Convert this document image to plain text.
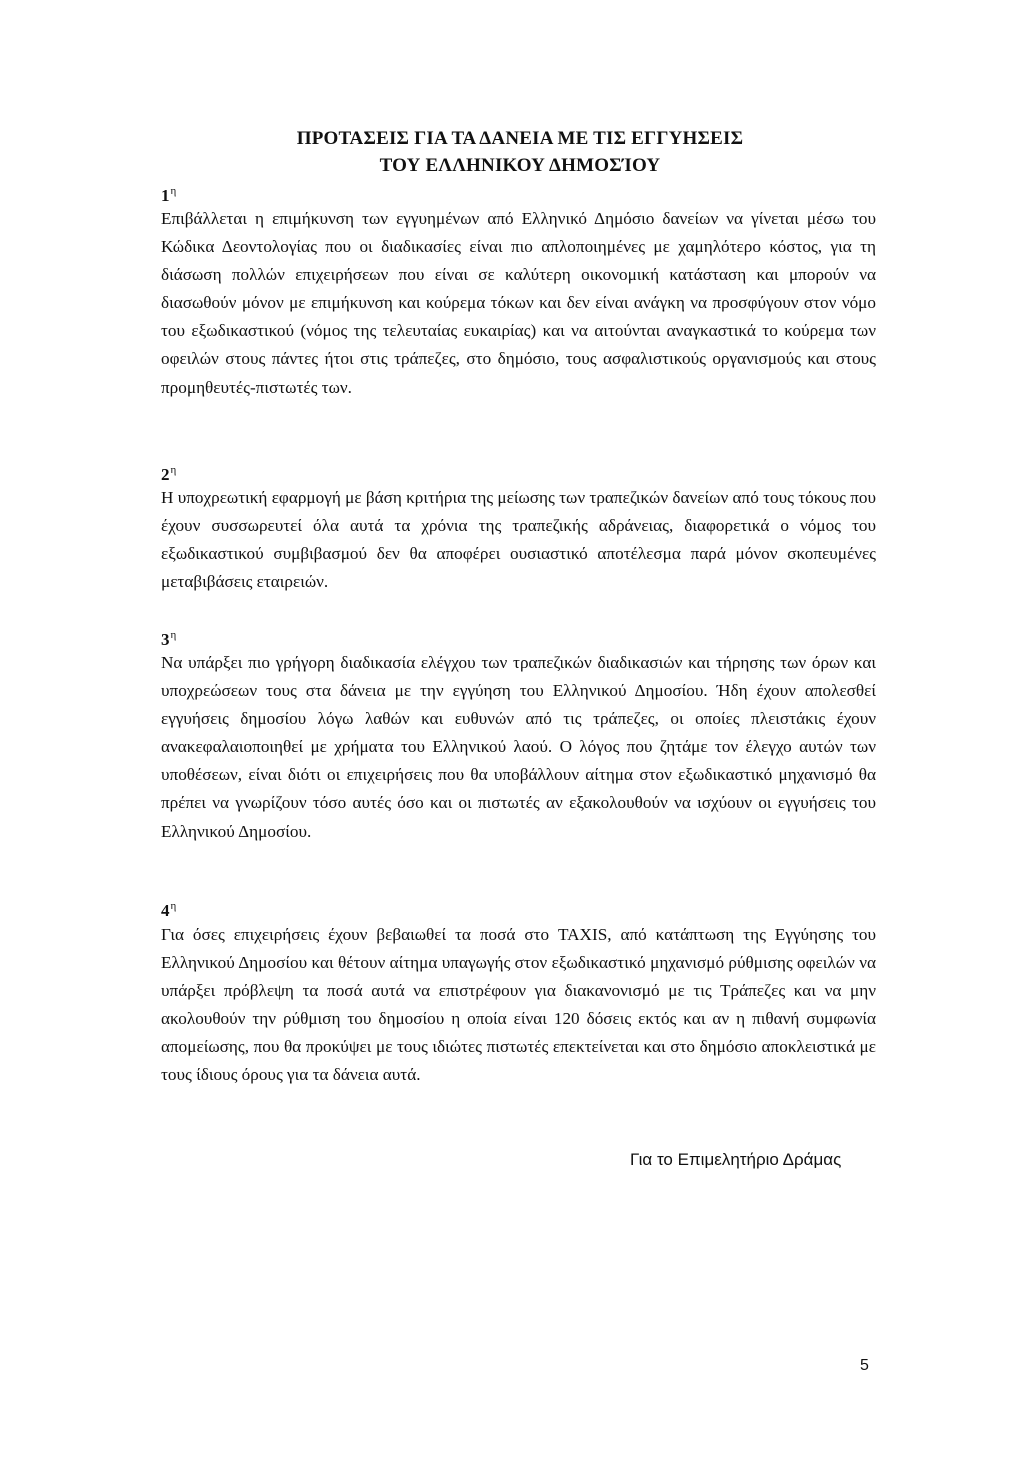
ΠΡΟΤΑΣΕΙΣ ΓΙΑ ΤΑ ΔΑΝΕΙΑ ΜΕ ΤΙΣ ΕΓΓΥΗΣΕΙΣ
ΤΟΥ ΕΛΛΗΝΙΚΟΥ ΔΗΜΟΣΊΟΥ
$1^\eta$

Επιβάλλεται η επιμήκυνση των εγγυημένων από Ελληνικό Δημόσιο δανείων να γίνεται μέσω του Κώδικα Δεοντολογίας που οι διαδικασίες είναι πιο απλοποιημένες με χαμηλότερο κόστος, για τη διάσωση πολλών επιχειρήσεων που είναι σε καλύτερη οικονομική κατάσταση και μπορούν να διασωθούν μόνον με επιμήκυνση και κούρεμα τόκων και δεν είναι ανάγκη να προσφύγουν στον νόμο του εξωδικαστικού (νόμος της τελευταίας ευκαιρίας) και να αιτούνται αναγκαστικά το κούρεμα των οφειλών στους πάντες ήτοι στις τράπεζες, στο δημόσιο, τους ασφαλιστικούς οργανισμούς και στους προμηθευτές-πιστωτές των.

$2^\eta$

Η υποχρεωτική εφαρμογή με βάση κριτήρια της μείωσης των τραπεζικών δανείων από τους τόκους που έχουν συσσωρευτεί όλα αυτά τα χρόνια της τραπεζικής αδράνειας, διαφορετικά ο νόμος του εξωδικαστικού συμβιβασμού δεν θα αποφέρει ουσιαστικό αποτέλεσμα παρά μόνον σκοπευμένες μεταβιβάσεις εταιρειών.

$3^\eta$

Να υπάρξει πιο γρήγορη διαδικασία ελέγχου των τραπεζικών διαδικασιών και τήρησης των όρων και υποχρεώσεων τους στα δάνεια με την εγγύηση του Ελληνικού Δημοσίου. Ήδη έχουν απολεσθεί εγγυήσεις δημοσίου λόγω λαθών και ευθυνών από τις τράπεζες, οι οποίες πλειστάκις έχουν ανακεφαλαιοποιηθεί με χρήματα του Ελληνικού λαού. Ο λόγος που ζητάμε τον έλεγχο αυτών των υποθέσεων, είναι διότι οι επιχειρήσεις που θα υποβάλλουν αίτημα στον εξωδικαστικό μηχανισμό θα πρέπει να γνωρίζουν τόσο αυτές όσο και οι πιστωτές αν εξακολουθούν να ισχύουν οι εγγυήσεις του Ελληνικού Δημοσίου.

$4^\eta$

Για όσες επιχειρήσεις έχουν βεβαιωθεί τα ποσά στο TAXIS, από κατάπτωση της Εγγύησης του Ελληνικού Δημοσίου και θέτουν αίτημα υπαγωγής στον εξωδικαστικό μηχανισμό ρύθμισης οφειλών να υπάρξει πρόβλεψη τα ποσά αυτά να επιστρέφουν για διακανονισμό με τις Τράπεζες και να μην ακολουθούν την ρύθμιση του δημοσίου η οποία είναι 120 δόσεις εκτός και αν η πιθανή συμφωνία απομείωσης, που θα προκύψει με τους ιδιώτες πιστωτές επεκτείνεται και στο δημόσιο αποκλειστικά με τους ίδιους όρους για τα δάνεια αυτά.

Για το Επιμελητήριο Δράμας

5
